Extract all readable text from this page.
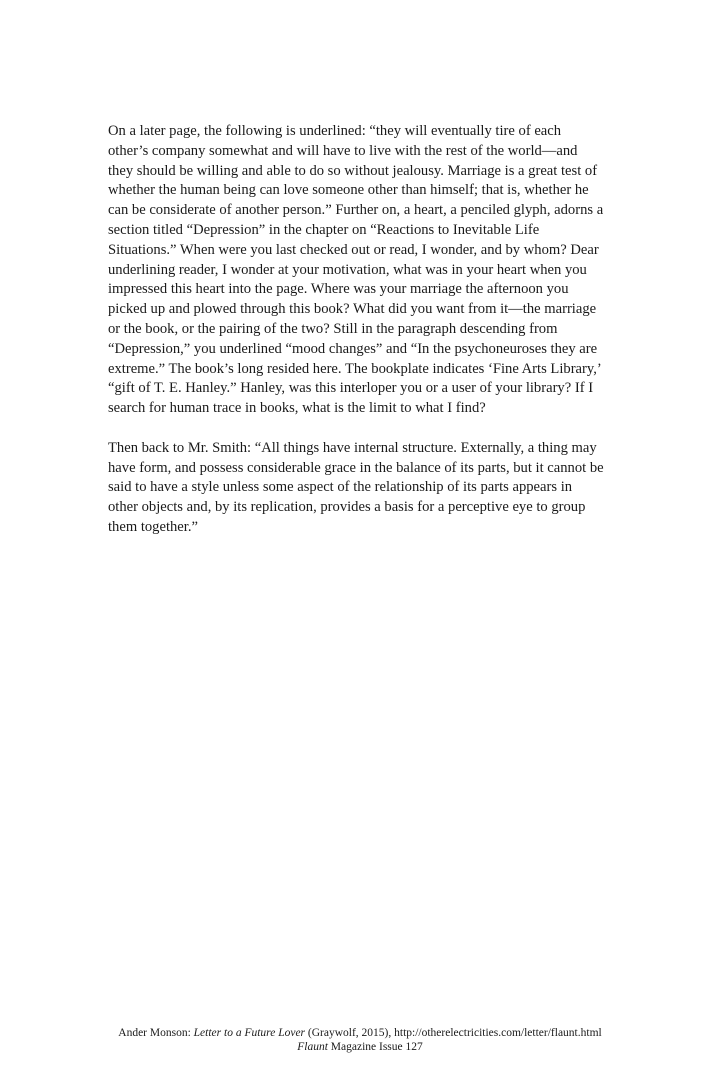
On a later page, the following is underlined: “they will eventually tire of each other’s company somewhat and will have to live with the rest of the world—and they should be willing and able to do so without jealousy. Marriage is a great test of whether the human being can love someone other than himself; that is, whether he can be considerate of another person.” Further on, a heart, a penciled glyph, adorns a section titled “Depression” in the chapter on “Reactions to Inevitable Life Situations.” When were you last checked out or read, I wonder, and by whom? Dear underlining reader, I wonder at your motivation, what was in your heart when you impressed this heart into the page. Where was your marriage the afternoon you picked up and plowed through this book? What did you want from it—the marriage or the book, or the pairing of the two? Still in the paragraph descending from “Depression,” you underlined “mood changes” and “In the psychoneuroses they are extreme.” The book’s long resided here. The bookplate indicates ‘Fine Arts Library,’ “gift of T. E. Hanley.” Hanley, was this interloper you or a user of your library? If I search for human trace in books, what is the limit to what I find?

Then back to Mr. Smith: “All things have internal structure. Externally, a thing may have form, and possess considerable grace in the balance of its parts, but it cannot be said to have a style unless some aspect of the relationship of its parts appears in other objects and, by its replication, provides a basis for a perceptive eye to group them together.”

Ander Monson: Letter to a Future Lover (Graywolf, 2015), http://otherelectricities.com/letter/flaunt.html
Flaunt Magazine Issue 127
